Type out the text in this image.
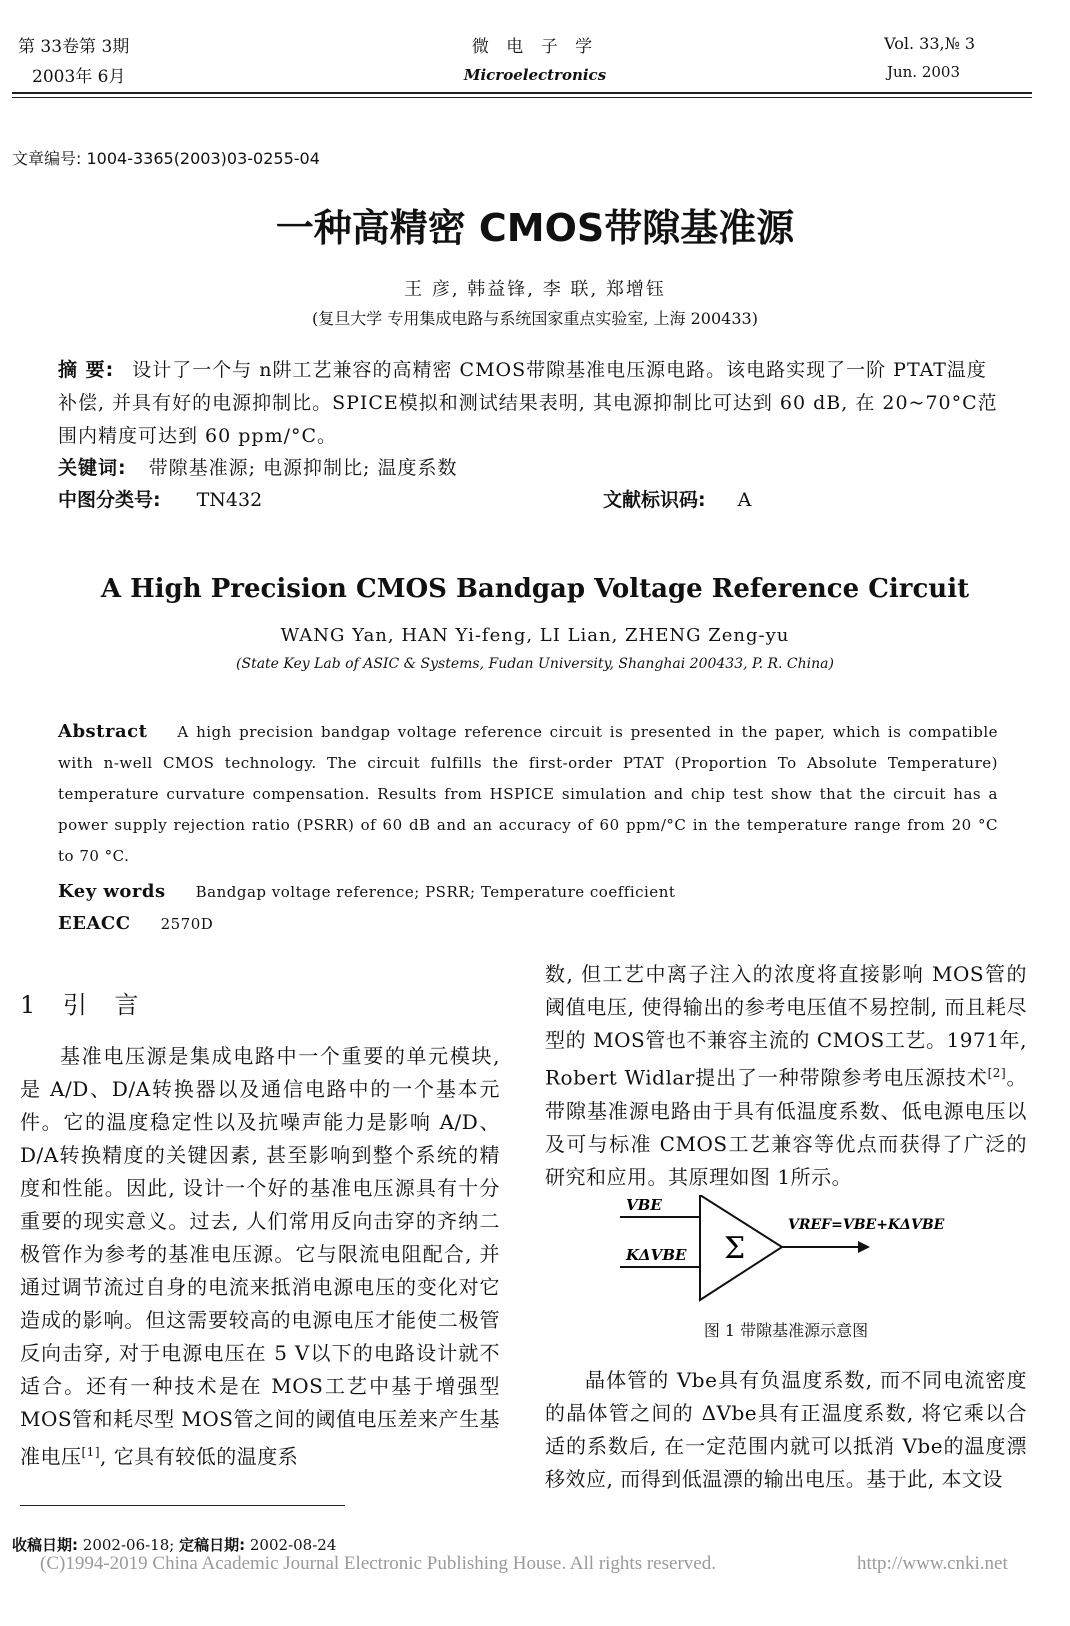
第 33卷第 3期
2003年 6月
微 电 子 学
Microelectronics
Vol. 33,№ 3
Jun. 2003
文章编号: 1004-3365(2003)03-0255-04
一种高精密 CMOS带隙基准源
王 彦, 韩益锋, 李 联, 郑增钰
(复旦大学 专用集成电路与系统国家重点实验室, 上海 200433)
摘 要: 设计了一个与 n阱工艺兼容的高精密 CMOS带隙基准电压源电路。该电路实现了一阶 PTAT温度补偿, 并具有好的电源抑制比。SPICE模拟和测试结果表明, 其电源抑制比可达到 60 dB, 在 20~70°C范围内精度可达到 60 ppm/°C。
关键词: 带隙基准源; 电源抑制比; 温度系数
中图分类号: TN432	文献标识码: A
A High Precision CMOS Bandgap Voltage Reference Circuit
WANG Yan, HAN Yi-feng, LI Lian, ZHENG Zeng-yu
(State Key Lab of ASIC & Systems, Fudan University, Shanghai 200433, P. R. China)
Abstract A high precision bandgap voltage reference circuit is presented in the paper, which is compatible with n-well CMOS technology. The circuit fulfills the first-order PTAT (Proportion To Absolute Temperature) temperature curvature compensation. Results from HSPICE simulation and chip test show that the circuit has a power supply rejection ratio (PSRR) of 60 dB and an accuracy of 60 ppm/°C in the temperature range from 20 °C to 70 °C.
Key words Bandgap voltage reference; PSRR; Temperature coefficient
EEACC 2570D
1 引 言

基准电压源是集成电路中一个重要的单元模块, 是 A/D、D/A转换器以及通信电路中的一个基本元件。它的温度稳定性以及抗噪声能力是影响 A/D、D/A转换精度的关键因素, 甚至影响到整个系统的精度和性能。因此, 设计一个好的基准电压源具有十分重要的现实意义。过去, 人们常用反向击穿的齐纳二极管作为参考的基准电压源。它与限流电阻配合, 并通过调节流过自身的电流来抵消电源电压的变化对它造成的影响。但这需要较高的电源电压才能使二极管反向击穿, 对于电源电压在 5 V以下的电路设计就不适合。还有一种技术是在 MOS工艺中基于增强型 MOS管和耗尽型 MOS管之间的阈值电压差来产生基准电压[1], 它具有较低的温度系

数, 但工艺中离子注入的浓度将直接影响 MOS管的阈值电压, 使得输出的参考电压值不易控制, 而且耗尽型的 MOS管也不兼容主流的 CMOS工艺。1971年, Robert Widlar提出了一种带隙参考电压源技术[2]。带隙基准源电路由于具有低温度系数、低电源电压以及可与标准 CMOS工艺兼容等优点而获得了广泛的研究和应用。其原理如图 1所示。

Σ
VBE
KΔVBE
VREF=VBE+KΔVBE
图 1 带隙基准源示意图

晶体管的 Vbe具有负温度系数, 而不同电流密度的晶体管之间的 ΔVbe具有正温度系数, 将它乘以合适的系数后, 在一定范围内就可以抵消 Vbe的温度漂移效应, 而得到低温漂的输出电压。基于此, 本文设

收稿日期: 2002-06-18; 定稿日期: 2002-08-24
(C)1994-2019 China Academic Journal Electronic Publishing House. All rights reserved.	http://www.cnki.net
